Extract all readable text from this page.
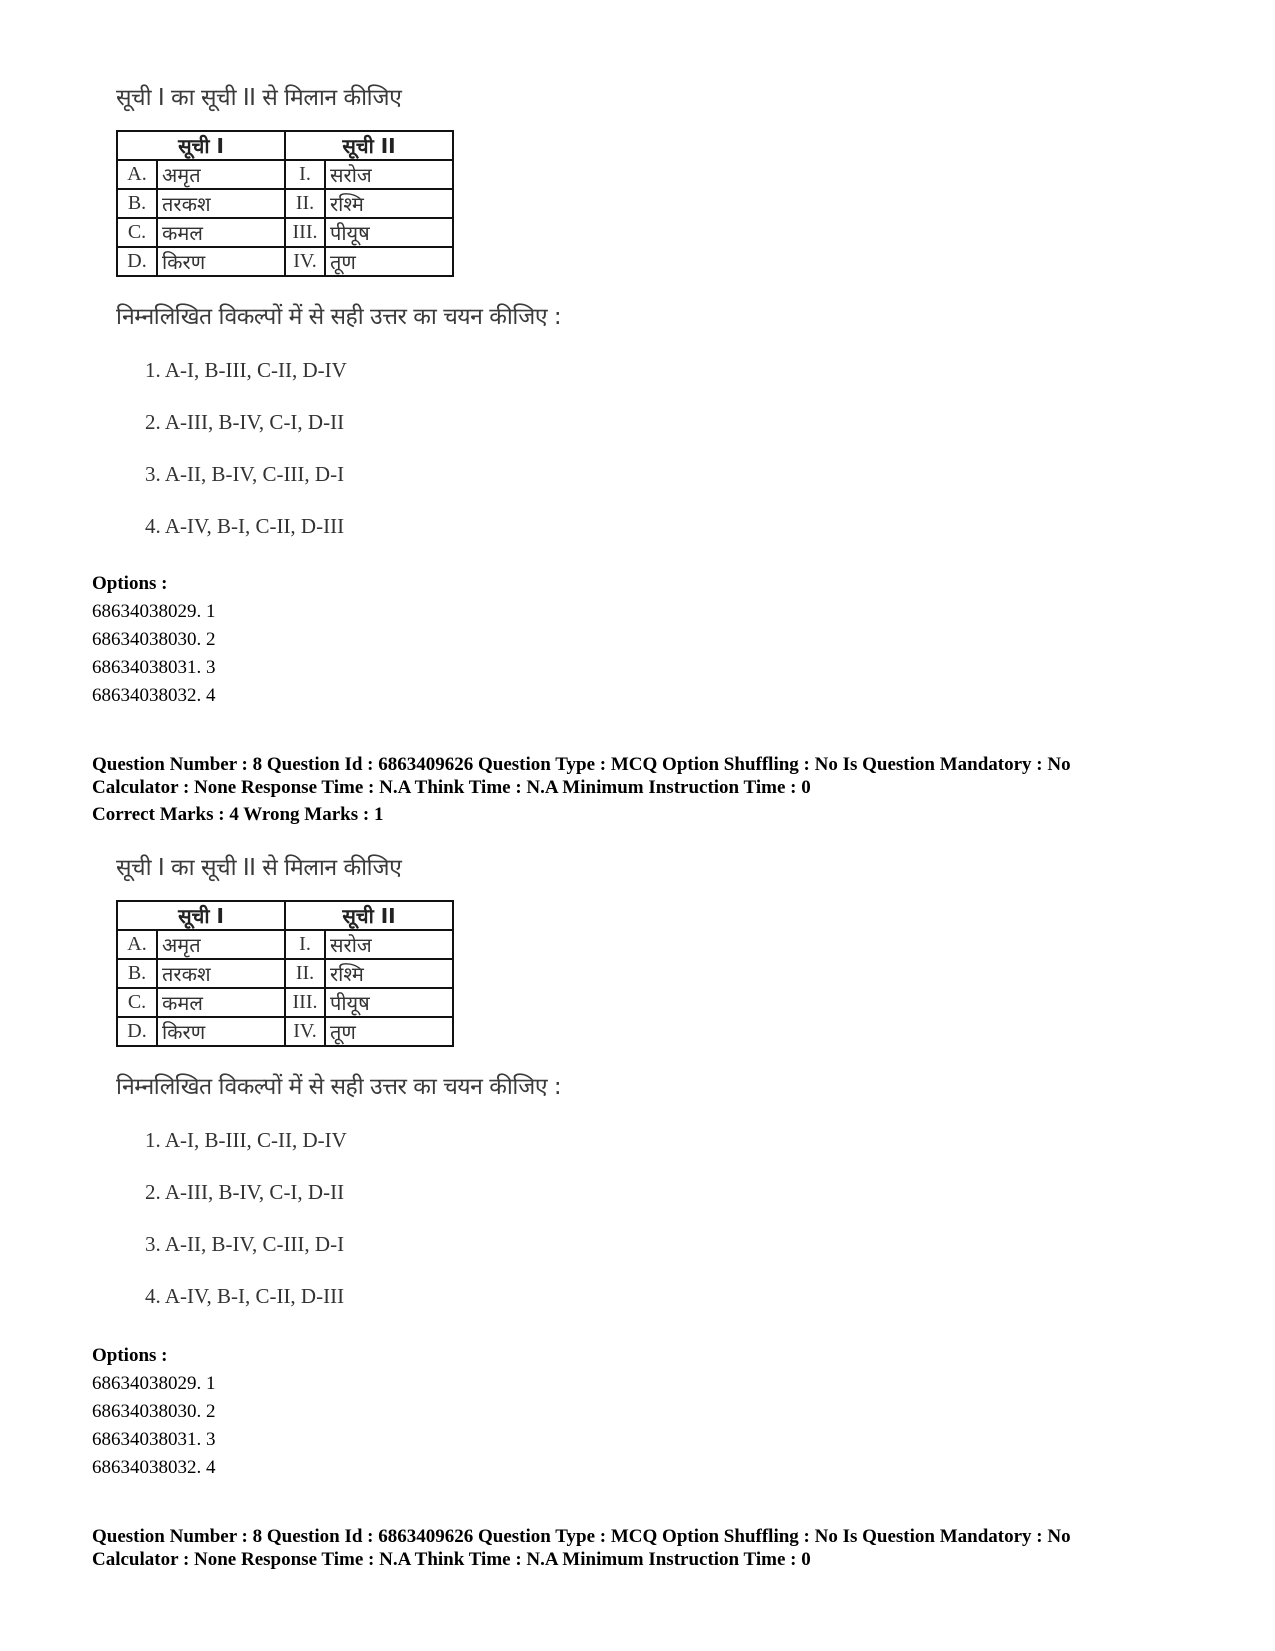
सूची I का सूची II से मिलान कीजिए
सूची I		सूची II	
A.	अमृत	I.	सरोज
B.	तरकश	II.	रश्मि
C.	कमल	III.	पीयूष
D.	किरण	IV.	तूण
निम्नलिखित विकल्पों में से सही उत्तर का चयन कीजिए :
1. A-I, B-III, C-II, D-IV
2. A-III, B-IV, C-I, D-II
3. A-II, B-IV, C-III, D-I
4. A-IV, B-I, C-II, D-III
Options :
68634038029. 1
68634038030. 2
68634038031. 3
68634038032. 4
Question Number : 8 Question Id : 6863409626 Question Type : MCQ Option Shuffling : No Is Question Mandatory : No
Calculator : None Response Time : N.A Think Time : N.A Minimum Instruction Time : 0
Correct Marks : 4 Wrong Marks : 1
सूची I का सूची II से मिलान कीजिए
सूची I		सूची II	
A.	अमृत	I.	सरोज
B.	तरकश	II.	रश्मि
C.	कमल	III.	पीयूष
D.	किरण	IV.	तूण
निम्नलिखित विकल्पों में से सही उत्तर का चयन कीजिए :
1. A-I, B-III, C-II, D-IV
2. A-III, B-IV, C-I, D-II
3. A-II, B-IV, C-III, D-I
4. A-IV, B-I, C-II, D-III
Options :
68634038029. 1
68634038030. 2
68634038031. 3
68634038032. 4
Question Number : 8 Question Id : 6863409626 Question Type : MCQ Option Shuffling : No Is Question Mandatory : No
Calculator : None Response Time : N.A Think Time : N.A Minimum Instruction Time : 0
